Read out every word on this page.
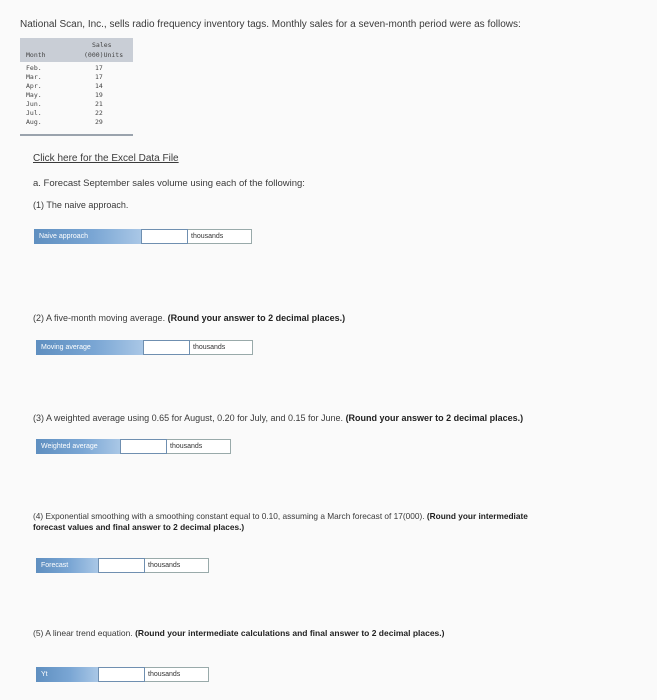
National Scan, Inc., sells radio frequency inventory tags. Monthly sales for a seven-month period were as follows:
Sales
Month	(000)Units
Feb.	17
Mar.	17
Apr.	14
May.	19
Jun.	21
Jul.	22
Aug.	29
Click here for the Excel Data File
a. Forecast September sales volume using each of the following:
(1) The naive approach.
Naive approach	thousands
(2) A five-month moving average. (Round your answer to 2 decimal places.)
Moving average	thousands
(3) A weighted average using 0.65 for August, 0.20 for July, and 0.15 for June. (Round your answer to 2 decimal places.)
Weighted average	thousands
(4) Exponential smoothing with a smoothing constant equal to 0.10, assuming a March forecast of 17(000). (Round your intermediate
forecast values and final answer to 2 decimal places.)
Forecast	thousands
(5) A linear trend equation. (Round your intermediate calculations and final answer to 2 decimal places.)
Yt	thousands
